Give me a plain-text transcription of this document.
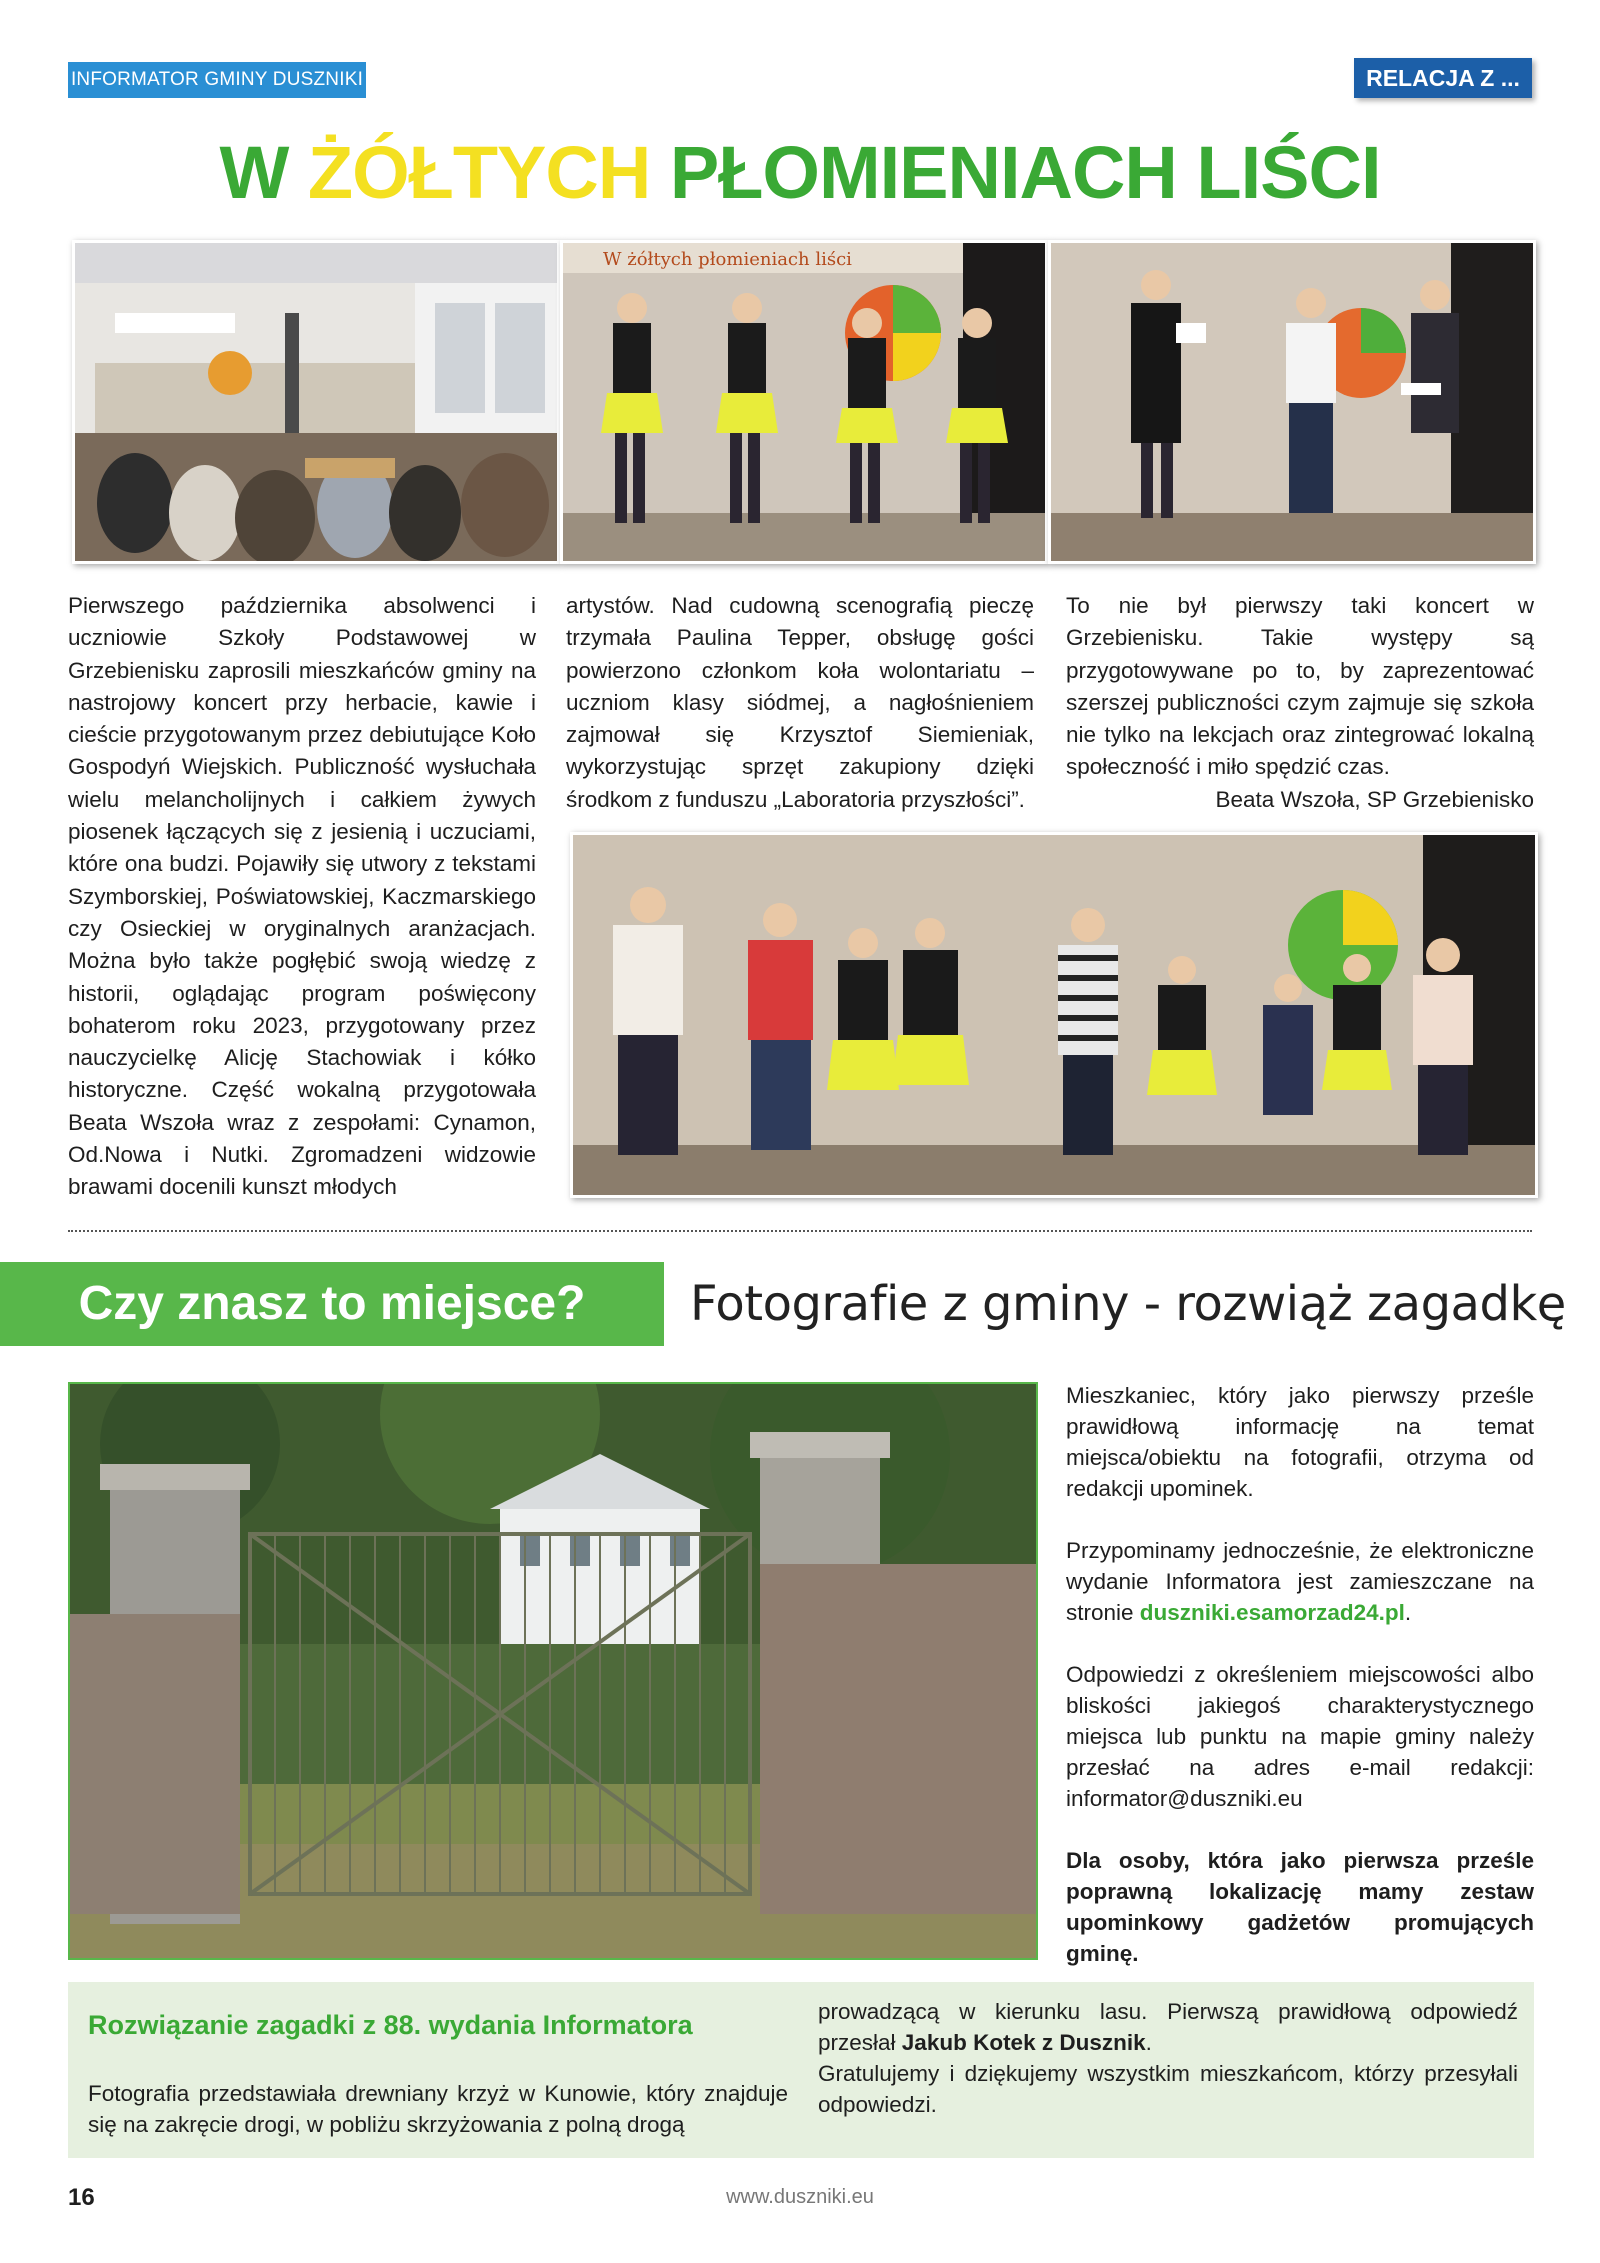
INFORMATOR GMINY DUSZNIKI	RELACJA Z ...
W ŻÓŁTYCH PŁOMIENIACH LIŚCI
W żółtych płomieniach liści
Pierwszego października absolwenci i uczniowie Szkoły Podstawowej w Grzebienisku zaprosili mieszkańców gminy na nastrojowy koncert przy herbacie, kawie i cieście przygotowanym przez debiutujące Koło Gospodyń Wiejskich. Publiczność wysłuchała wielu melancholijnych i całkiem żywych piosenek łączących się z jesienią i uczuciami, które ona budzi. Pojawiły się utwory z tekstami Szymborskiej, Poświatowskiej, Kaczmarskiego czy Osieckiej w oryginalnych aranżacjach. Można było także pogłębić swoją wiedzę z historii, oglądając program poświęcony bohaterom roku 2023, przygotowany przez nauczycielkę Alicję Stachowiak i kółko historyczne. Część wokalną przygotowała Beata Wszoła wraz z zespołami: Cynamon, Od.Nowa i Nutki. Zgromadzeni widzowie brawami docenili kunszt młodych
artystów. Nad cudowną scenografią pieczę trzymała Paulina Tepper, obsługę gości powierzono członkom koła wolontariatu – uczniom klasy siódmej, a nagłośnieniem zajmował się Krzysztof Siemieniak, wykorzystując sprzęt zakupiony dzięki środkom z funduszu „Laboratoria przyszłości”.
To nie był pierwszy taki koncert w Grzebienisku. Takie występy są przygotowywane po to, by zaprezentować szerszej publiczności czym zajmuje się szkoła nie tylko na lekcjach oraz zintegrować lokalną społeczność i miło spędzić czas.
Beata Wszoła, SP Grzebienisko
Czy znasz to miejsce?	Fotografie z gminy - rozwiąż zagadkę

Mieszkaniec, który jako pierwszy prześle prawidłową informację na temat miejsca/obiektu na fotografii, otrzyma od redakcji upominek.

Przypominamy jednocześnie, że elektroniczne wydanie Informatora jest zamieszczane na stronie duszniki.esamorzad24.pl.

Odpowiedzi z określeniem miejscowości albo bliskości jakiegoś charakterystycznego miejsca lub punktu na mapie gminy należy przesłać na adres e-mail redakcji: informator@duszniki.eu

Dla osoby, która jako pierwsza prześle poprawną lokalizację mamy zestaw upominkowy gadżetów promujących gminę.

Rozwiązanie zagadki z 88. wydania Informatora
Fotografia przedstawiała drewniany krzyż w Kunowie, który znajduje się na zakręcie drogi, w pobliżu skrzyżowania z polną drogą
prowadzącą w kierunku lasu. Pierwszą prawidłową odpowiedź przesłał Jakub Kotek z Dusznik.
Gratulujemy i dziękujemy wszystkim mieszkańcom, którzy przesyłali odpowiedzi.
16	www.duszniki.eu
